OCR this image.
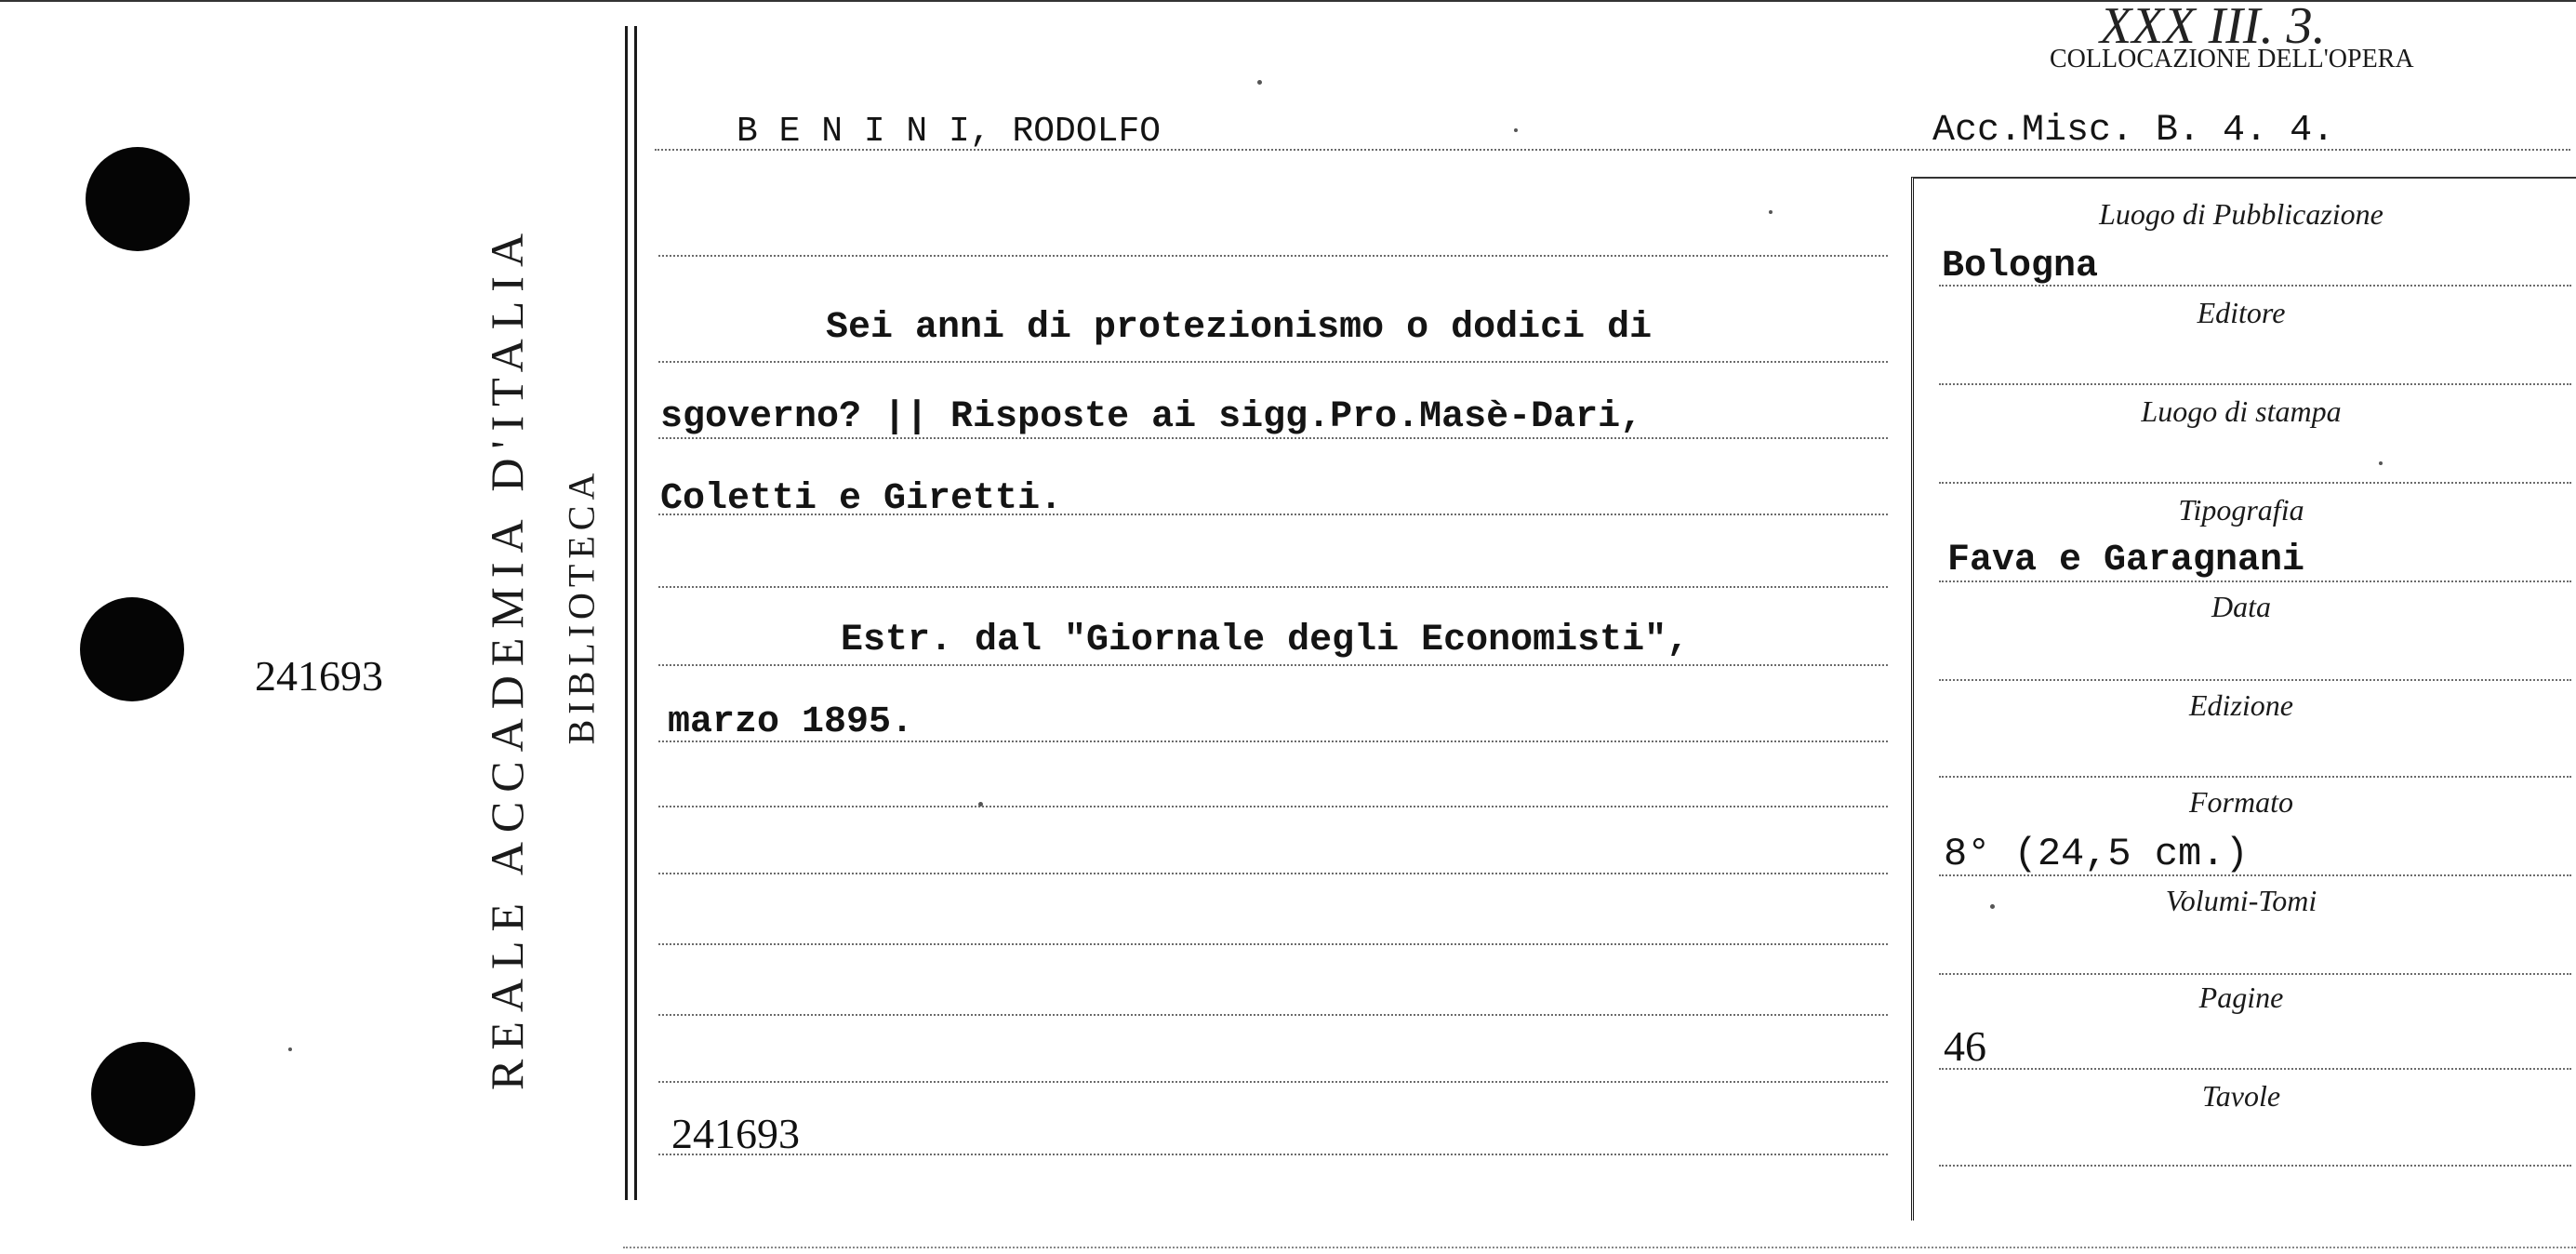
241693 REALE ACCADEMIA D'ITALIA BIBLIOTECA
XXX III. 3.
COLLOCAZIONE DELL'OPERA
B E N I N I, RODOLFO	Acc.Misc. B. 4. 4.
Sei anni di protezionismo o dodici di
sgoverno? || Risposte ai sigg.Pro.Masè-Dari,
Coletti e Giretti.
Estr. dal "Giornale degli Economisti",
marzo 1895.
241693
Luogo di Pubblicazione
Bologna
Editore
Luogo di stampa
Tipografia
Fava e Garagnani
Data
Edizione
Formato
8° (24,5 cm.)
Volumi-Tomi
Pagine
46
Tavole
